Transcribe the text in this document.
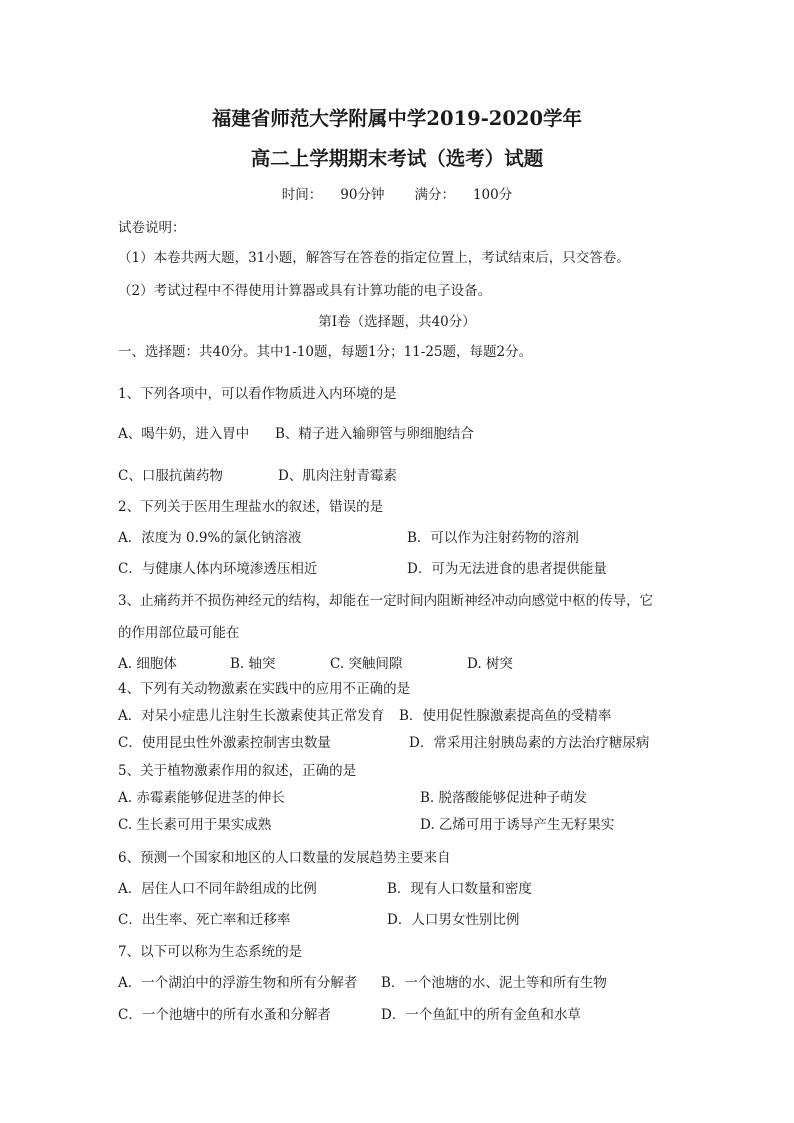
福建省师范大学附属中学2019-2020学年
高二上学期期末考试（选考）试题
时间： 90分钟 满分： 100分
试卷说明：
（1）本卷共两大题，31小题，解答写在答卷的指定位置上，考试结束后，只交答卷。
（2）考试过程中不得使用计算器或具有计算功能的电子设备。
第Ⅰ卷（选择题，共40分）
一、选择题：共40分。其中1-10题，每题1分；11-25题，每题2分。
1、下列各项中，可以看作物质进入内环境的是
A、喝牛奶，进入胃中 B、精子进入输卵管与卵细胞结合
C、口服抗菌药物	D、肌肉注射青霉素
2、下列关于医用生理盐水的叙述，错误的是
A．浓度为 0.9%的氯化钠溶液	B．可以作为注射药物的溶剂
C．与健康人体内环境渗透压相近	D．可为无法进食的患者提供能量
3、止痛药并不损伤神经元的结构，却能在一定时间内阻断神经冲动向感觉中枢的传导，它
的作用部位最可能在
A. 细胞体	B. 轴突	C. 突触间隙	D. 树突
4、下列有关动物激素在实践中的应用不正确的是
A．对呆小症患儿注射生长激素使其正常发育 B．使用促性腺激素提高鱼的受精率
C．使用昆虫性外激素控制害虫数量	D．常采用注射胰岛素的方法治疗糖尿病
5、关于植物激素作用的叙述，正确的是
A. 赤霉素能够促进茎的伸长	B. 脱落酸能够促进种子萌发
C. 生长素可用于果实成熟	D. 乙烯可用于诱导产生无籽果实
6、预测一个国家和地区的人口数量的发展趋势主要来自
A．居住人口不同年龄组成的比例	B．现有人口数量和密度
C．出生率、死亡率和迁移率	D．人口男女性别比例
7、以下可以称为生态系统的是
A．一个湖泊中的浮游生物和所有分解者 B．一个池塘的水、泥土等和所有生物
C．一个池塘中的所有水蚤和分解者	D．一个鱼缸中的所有金鱼和水草
